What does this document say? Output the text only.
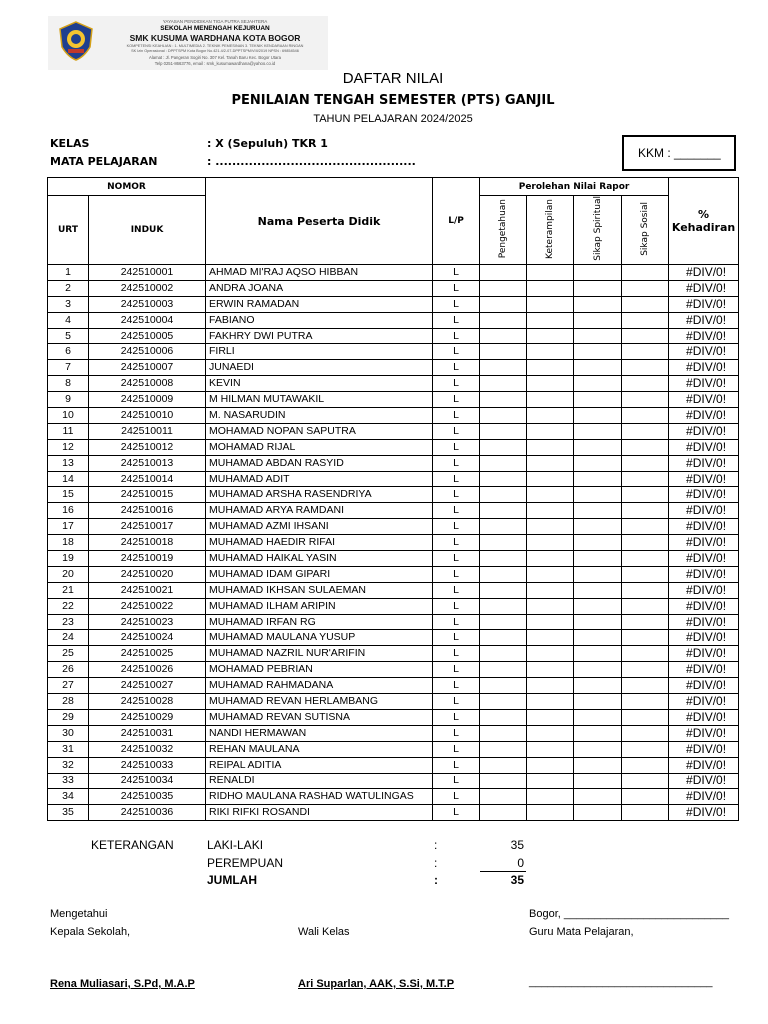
YAYASAN PENDIDIKAN TIGA PUTRA SEJAHTERA
SEKOLAH MENENGAH KEJURUAN
SMK KUSUMA WARDHANA KOTA BOGOR
KOMPETENSI KEAHLIAN : 1. MULTIMEDIA 2. TEKNIK PEMESINAN 3. TEKNIK KENDARAAN RINGAN
SK Izin Operasional : DPPTSPM Kota Bogor No.421.4/2-07-DPPTSPM/VIII/2019 NPSN : 69854546
Alamat : Jl. Pangeran Sogiri No. 307 Kel. Tanah Baru Kec. Bogor Utara
Telp 0251-8663776, email : smk_kusumawardhana@yahoo.co.id
DAFTAR NILAI
PENILAIAN TENGAH SEMESTER (PTS) GANJIL
TAHUN PELAJARAN 2024/2025
KELAS	: X (Sepuluh) TKR 1
MATA PELAJARAN	: ................................................
KKM : _______
NOMOR		Nama Peserta Didik	L/P	Perolehan Nilai Rapor				%
Kehadiran

URT	INDUK			Pengetahuan	Keterampilan	Sikap Spiritual	Sikap Sosial	
1	242510001	AHMAD MI'RAJ AQSO HIBBAN	L					#DIV/0!
2	242510002	ANDRA JOANA	L					#DIV/0!
3	242510003	ERWIN RAMADAN	L					#DIV/0!
4	242510004	FABIANO	L					#DIV/0!
5	242510005	FAKHRY DWI PUTRA	L					#DIV/0!
6	242510006	FIRLI	L					#DIV/0!
7	242510007	JUNAEDI	L					#DIV/0!
8	242510008	KEVIN	L					#DIV/0!
9	242510009	M HILMAN MUTAWAKIL	L					#DIV/0!
10	242510010	M. NASARUDIN	L					#DIV/0!
11	242510011	MOHAMAD NOPAN SAPUTRA	L					#DIV/0!
12	242510012	MOHAMAD RIJAL	L					#DIV/0!
13	242510013	MUHAMAD ABDAN RASYID	L					#DIV/0!
14	242510014	MUHAMAD ADIT	L					#DIV/0!
15	242510015	MUHAMAD ARSHA RASENDRIYA	L					#DIV/0!
16	242510016	MUHAMAD ARYA RAMDANI	L					#DIV/0!
17	242510017	MUHAMAD AZMI IHSANI	L					#DIV/0!
18	242510018	MUHAMAD HAEDIR RIFAI	L					#DIV/0!
19	242510019	MUHAMAD HAIKAL YASIN	L					#DIV/0!
20	242510020	MUHAMAD IDAM GIPARI	L					#DIV/0!
21	242510021	MUHAMAD IKHSAN SULAEMAN	L					#DIV/0!
22	242510022	MUHAMAD ILHAM ARIPIN	L					#DIV/0!
23	242510023	MUHAMAD IRFAN RG	L					#DIV/0!
24	242510024	MUHAMAD MAULANA YUSUP	L					#DIV/0!
25	242510025	MUHAMAD NAZRIL NUR'ARIFIN	L					#DIV/0!
26	242510026	MOHAMAD PEBRIAN	L					#DIV/0!
27	242510027	MUHAMAD RAHMADANA	L					#DIV/0!
28	242510028	MUHAMAD REVAN HERLAMBANG	L					#DIV/0!
29	242510029	MUHAMAD REVAN SUTISNA	L					#DIV/0!
30	242510031	NANDI HERMAWAN	L					#DIV/0!
31	242510032	REHAN MAULANA	L					#DIV/0!
32	242510033	REIPAL ADITIA	L					#DIV/0!
33	242510034	RENALDI	L					#DIV/0!
34	242510035	RIDHO MAULANA RASHAD WATULINGAS	L					#DIV/0!
35	242510036	RIKI RIFKI ROSANDI	L					#DIV/0!
KETERANGAN	LAKI-LAKI	:	35
PEREMPUAN	:	0
JUMLAH	:	35
Mengetahui
Kepala Sekolah,	Wali Kelas
Bogor, ___________________________
Guru Mata Pelajaran,
Rena Muliasari, S.Pd, M.A.P	Ari Suparlan, AAK, S.Si, M.T.P	______________________________
